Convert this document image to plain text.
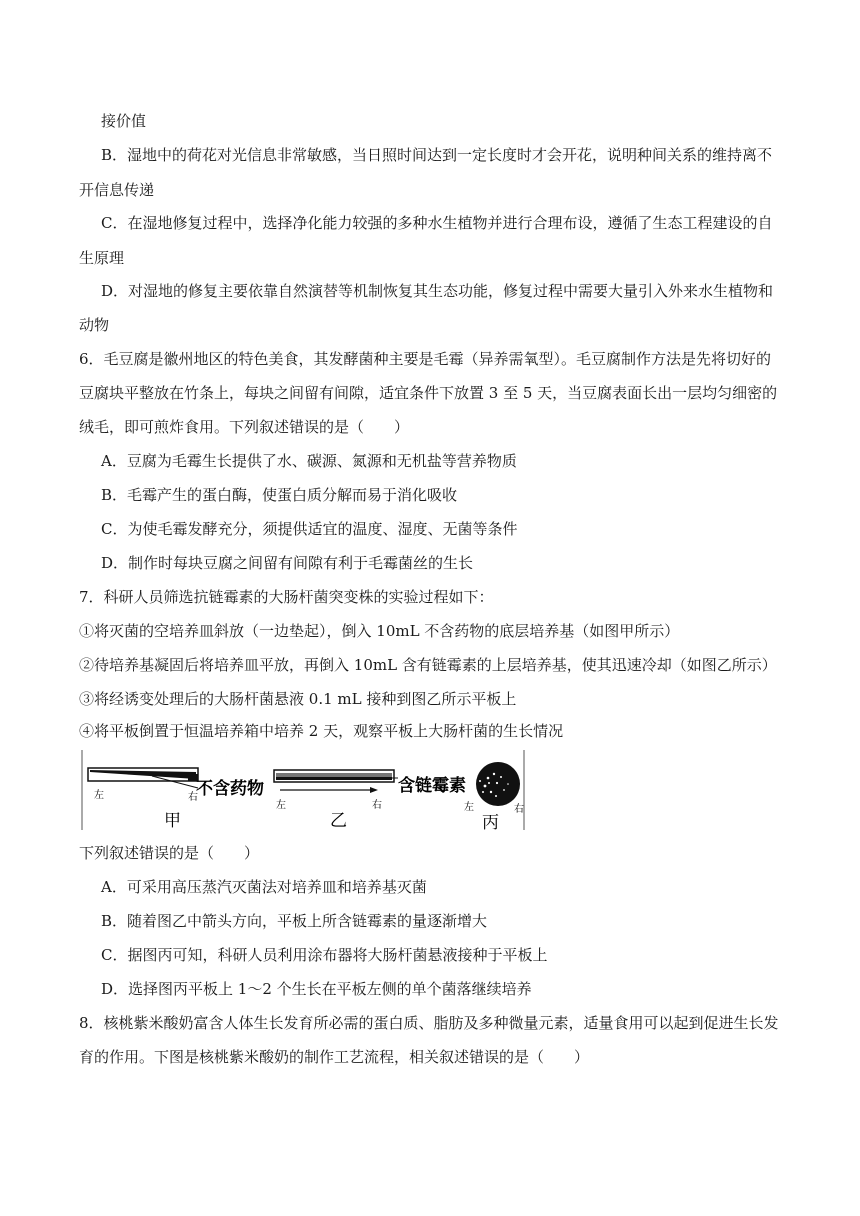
接价值
B．湿地中的荷花对光信息非常敏感，当日照时间达到一定长度时才会开花，说明种间关系的维持离不
开信息传递
C．在湿地修复过程中，选择净化能力较强的多种水生植物并进行合理布设，遵循了生态工程建设的自
生原理
D．对湿地的修复主要依靠自然演替等机制恢复其生态功能，修复过程中需要大量引入外来水生植物和
动物
6．毛豆腐是徽州地区的特色美食，其发酵菌种主要是毛霉（异养需氧型）。毛豆腐制作方法是先将切好的
豆腐块平整放在竹条上，每块之间留有间隙，适宜条件下放置 3 至 5 天，当豆腐表面长出一层均匀细密的
绒毛，即可煎炸食用。下列叙述错误的是（　　）
A．豆腐为毛霉生长提供了水、碳源、氮源和无机盐等营养物质
B．毛霉产生的蛋白酶，使蛋白质分解而易于消化吸收
C．为使毛霉发酵充分，须提供适宜的温度、湿度、无菌等条件
D．制作时每块豆腐之间留有间隙有利于毛霉菌丝的生长
7．科研人员筛选抗链霉素的大肠杆菌突变株的实验过程如下：
①将灭菌的空培养皿斜放（一边垫起），倒入 10mL 不含药物的底层培养基（如图甲所示）
②待培养基凝固后将培养皿平放，再倒入 10mL 含有链霉素的上层培养基，使其迅速冷却（如图乙所示）
③将经诱变处理后的大肠杆菌悬液 0.1 mL 接种到图乙所示平板上
④将平板倒置于恒温培养箱中培养 2 天，观察平板上大肠杆菌的生长情况
左	右
不含药物
甲
左	右
含链霉素
乙
左	右
丙
下列叙述错误的是（　　）
A．可采用高压蒸汽灭菌法对培养皿和培养基灭菌
B．随着图乙中箭头方向，平板上所含链霉素的量逐渐增大
C．据图丙可知，科研人员利用涂布器将大肠杆菌悬液接种于平板上
D．选择图丙平板上 1～2 个生长在平板左侧的单个菌落继续培养
8．核桃紫米酸奶富含人体生长发育所必需的蛋白质、脂肪及多种微量元素，适量食用可以起到促进生长发
育的作用。下图是核桃紫米酸奶的制作工艺流程，相关叙述错误的是（　　）
